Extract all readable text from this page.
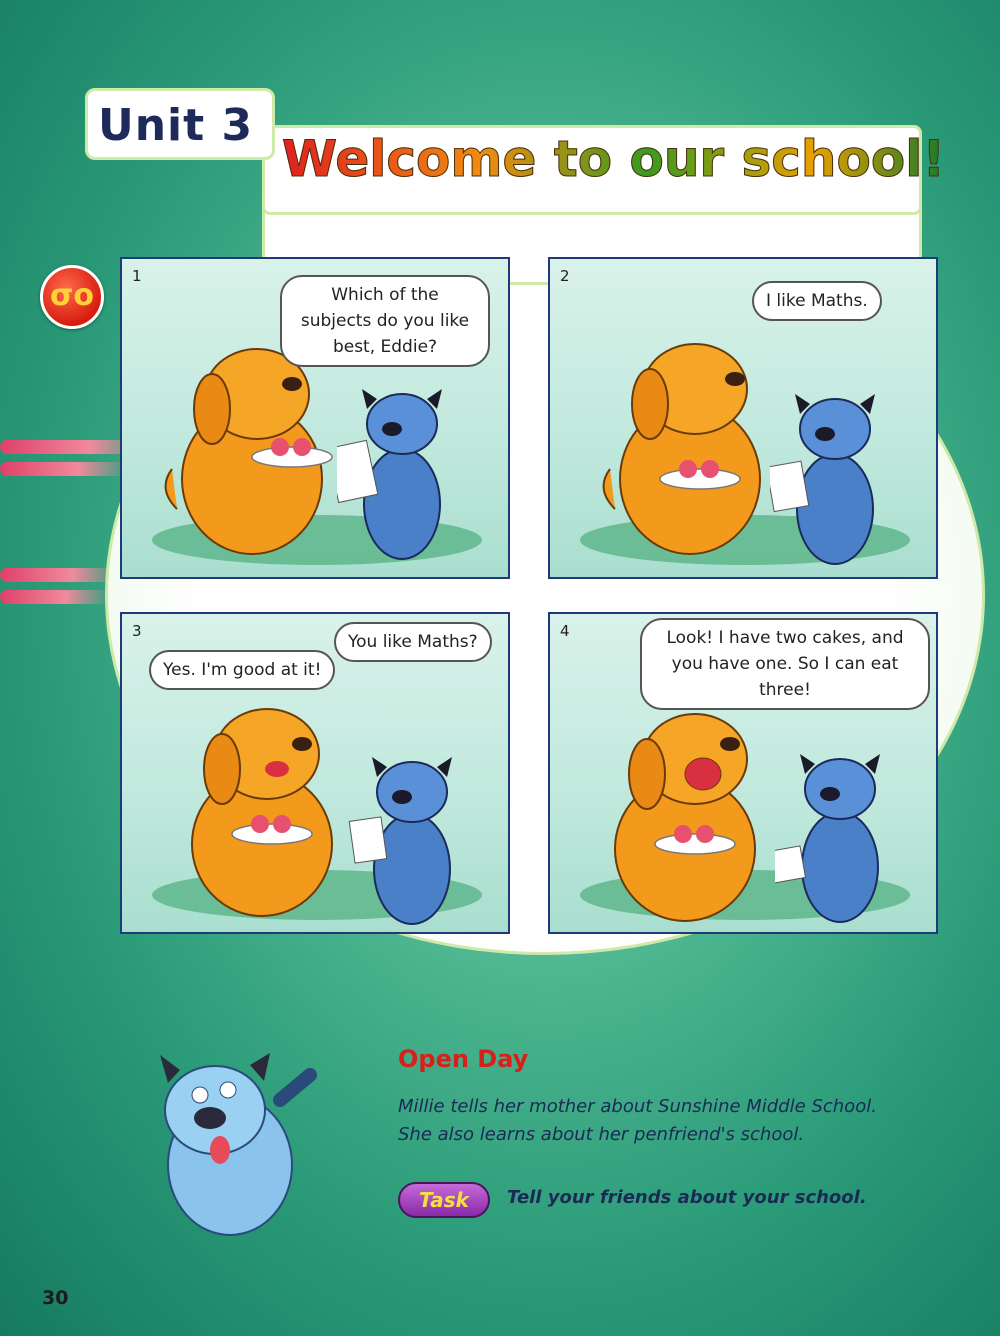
Unit 3
Welcome to our school!
σο
1
Which of the subjects do you like best, Eddie?
2
I like Maths.
3
You like Maths?
Yes. I'm good at it!
4	Look! I have two cakes, and you have one. So I can eat three!
Open Day
Millie tells her mother about Sunshine Middle School.
She also learns about her penfriend's school.
Task	Tell your friends about your school.
30
